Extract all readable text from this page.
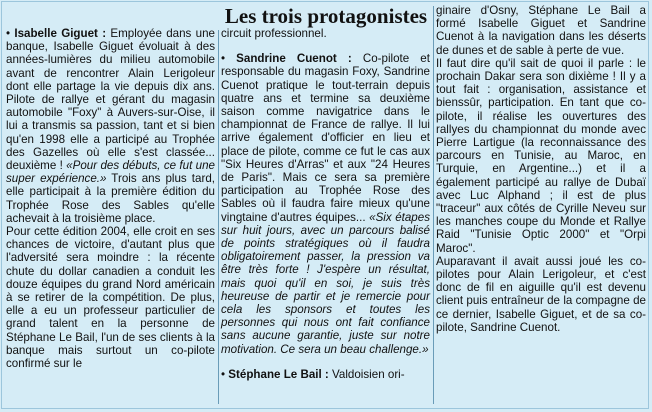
Les trois protagonistes

• Isabelle Giguet : Employée dans une banque, Isabelle Giguet évoluait à des années-lumières du milieu automobile avant de rencontrer Alain Lerigoleur dont elle partage la vie depuis dix ans. Pilote de rallye et gérant du magasin automobile "Foxy" à Auvers-sur-Oise, il lui a transmis sa passion, tant et si bien qu'en 1998 elle a participé au Trophée des Gazelles où elle s'est classée... deuxième ! «Pour des débuts, ce fut une super expérience.» Trois ans plus tard, elle participait à la première édition du Trophée Rose des Sables qu'elle achevait à la troisième place.

Pour cette édition 2004, elle croit en ses chances de victoire, d'autant plus que l'adversité sera moindre : la récente chute du dollar canadien a conduit les douze équipes du grand Nord américain à se retirer de la compétition. De plus, elle a eu un professeur particulier de grand talent en la personne de Stéphane Le Bail, l'un de ses clients à la banque mais surtout un co-pilote confirmé sur le

circuit professionnel.

• Sandrine Cuenot : Co-pilote et responsable du magasin Foxy, Sandrine Cuenot pratique le tout-terrain depuis quatre ans et termine sa deuxième saison comme navigatrice dans le championnat de France de rallye. Il lui arrive également d'officier en lieu et place de pilote, comme ce fut le cas aux "Six Heures d'Arras" et aux "24 Heures de Paris". Mais ce sera sa première participation au Trophée Rose des Sables où il faudra faire mieux qu'une vingtaine d'autres équipes... «Six étapes sur huit jours, avec un parcours balisé de points stratégiques où il faudra obligatoirement passer, la pression va être très forte ! J'espère un résultat, mais quoi qu'il en soi, je suis très heureuse de partir et je remercie pour cela les sponsors et toutes les personnes qui nous ont fait confiance sans aucune garantie, juste sur notre motivation. Ce sera un beau challenge.»

• Stéphane Le Bail : Valdoisien ori-

ginaire d'Osny, Stéphane Le Bail a formé Isabelle Giguet et Sandrine Cuenot à la navigation dans les déserts de dunes et de sable à perte de vue.

Il faut dire qu'il sait de quoi il parle : le prochain Dakar sera son dixième ! Il y a tout fait : organisation, assistance et bienssûr, participation. En tant que co-pilote, il réalise les ouvertures des rallyes du championnat du monde avec Pierre Lartigue (la reconnaissance des parcours en Tunisie, au Maroc, en Turquie, en Argentine...) et il a également participé au rallye de Dubaï avec Luc Alphand ; il est de plus "traceur" aux côtés de Cyrille Neveu sur les manches coupe du Monde et Rallye Raid "Tunisie Optic 2000" et "Orpi Maroc".

Auparavant il avait aussi joué les co-pilotes pour Alain Lerigoleur, et c'est donc de fil en aiguille qu'il est devenu client puis entraîneur de la compagne de ce dernier, Isabelle Giguet, et de sa co-pilote, Sandrine Cuenot.
